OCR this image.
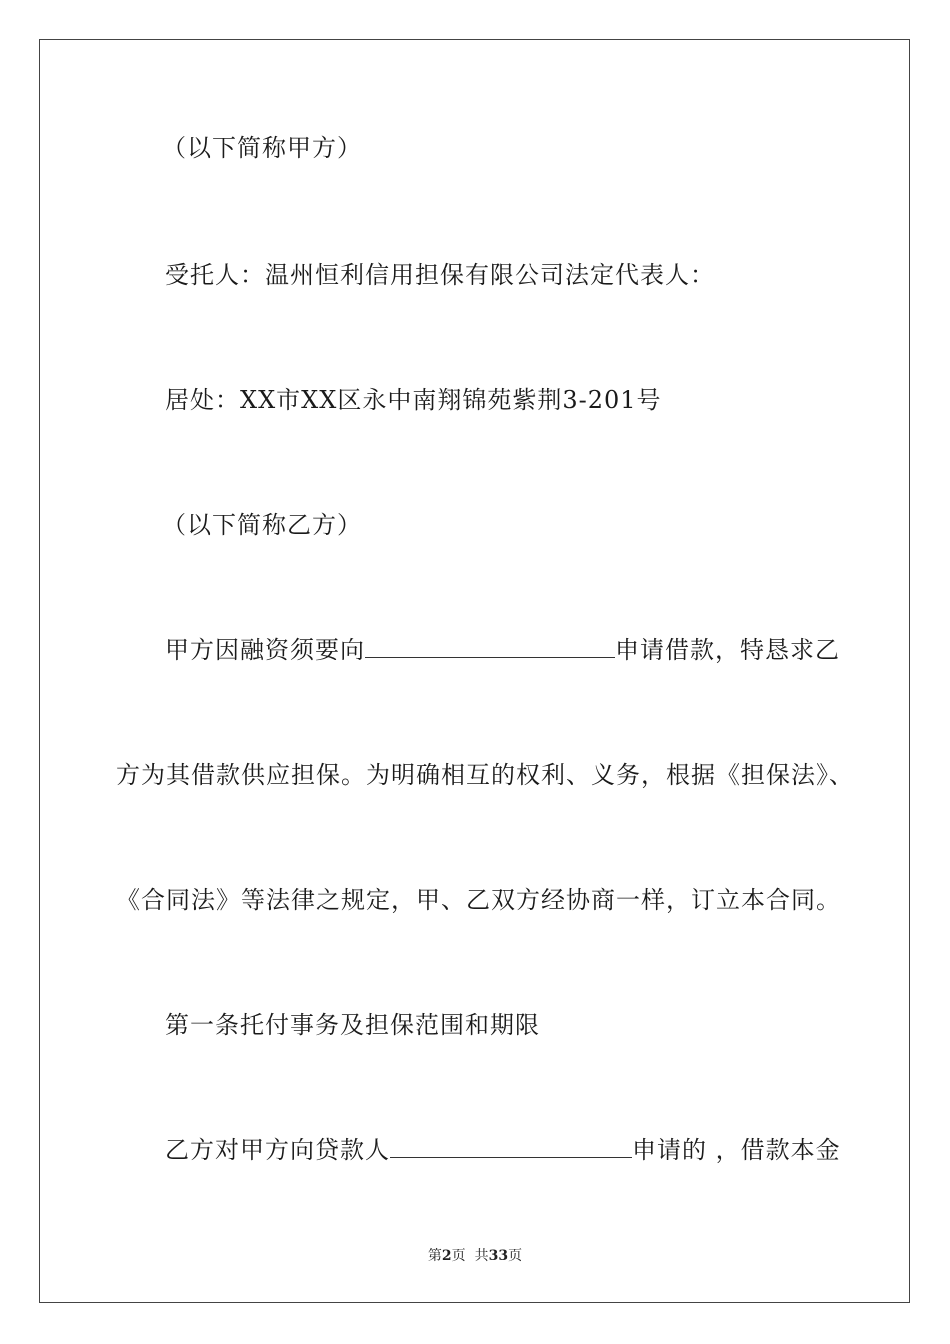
（以下简称甲方）
受托人：温州恒利信用担保有限公司法定代表人：
居处：XX市XX区永中南翔锦苑紫荆3-201号
（以下简称乙方）
甲方因融资须要向	申请借款，特恳求乙
方为其借款供应担保。为明确相互的权利、义务，根据《担保法》、
《合同法》等法律之规定，甲、乙双方经协商一样，订立本合同。
第一条托付事务及担保范围和期限
乙方对甲方向贷款人	申请的 ，借款本金
第2页  共33页
